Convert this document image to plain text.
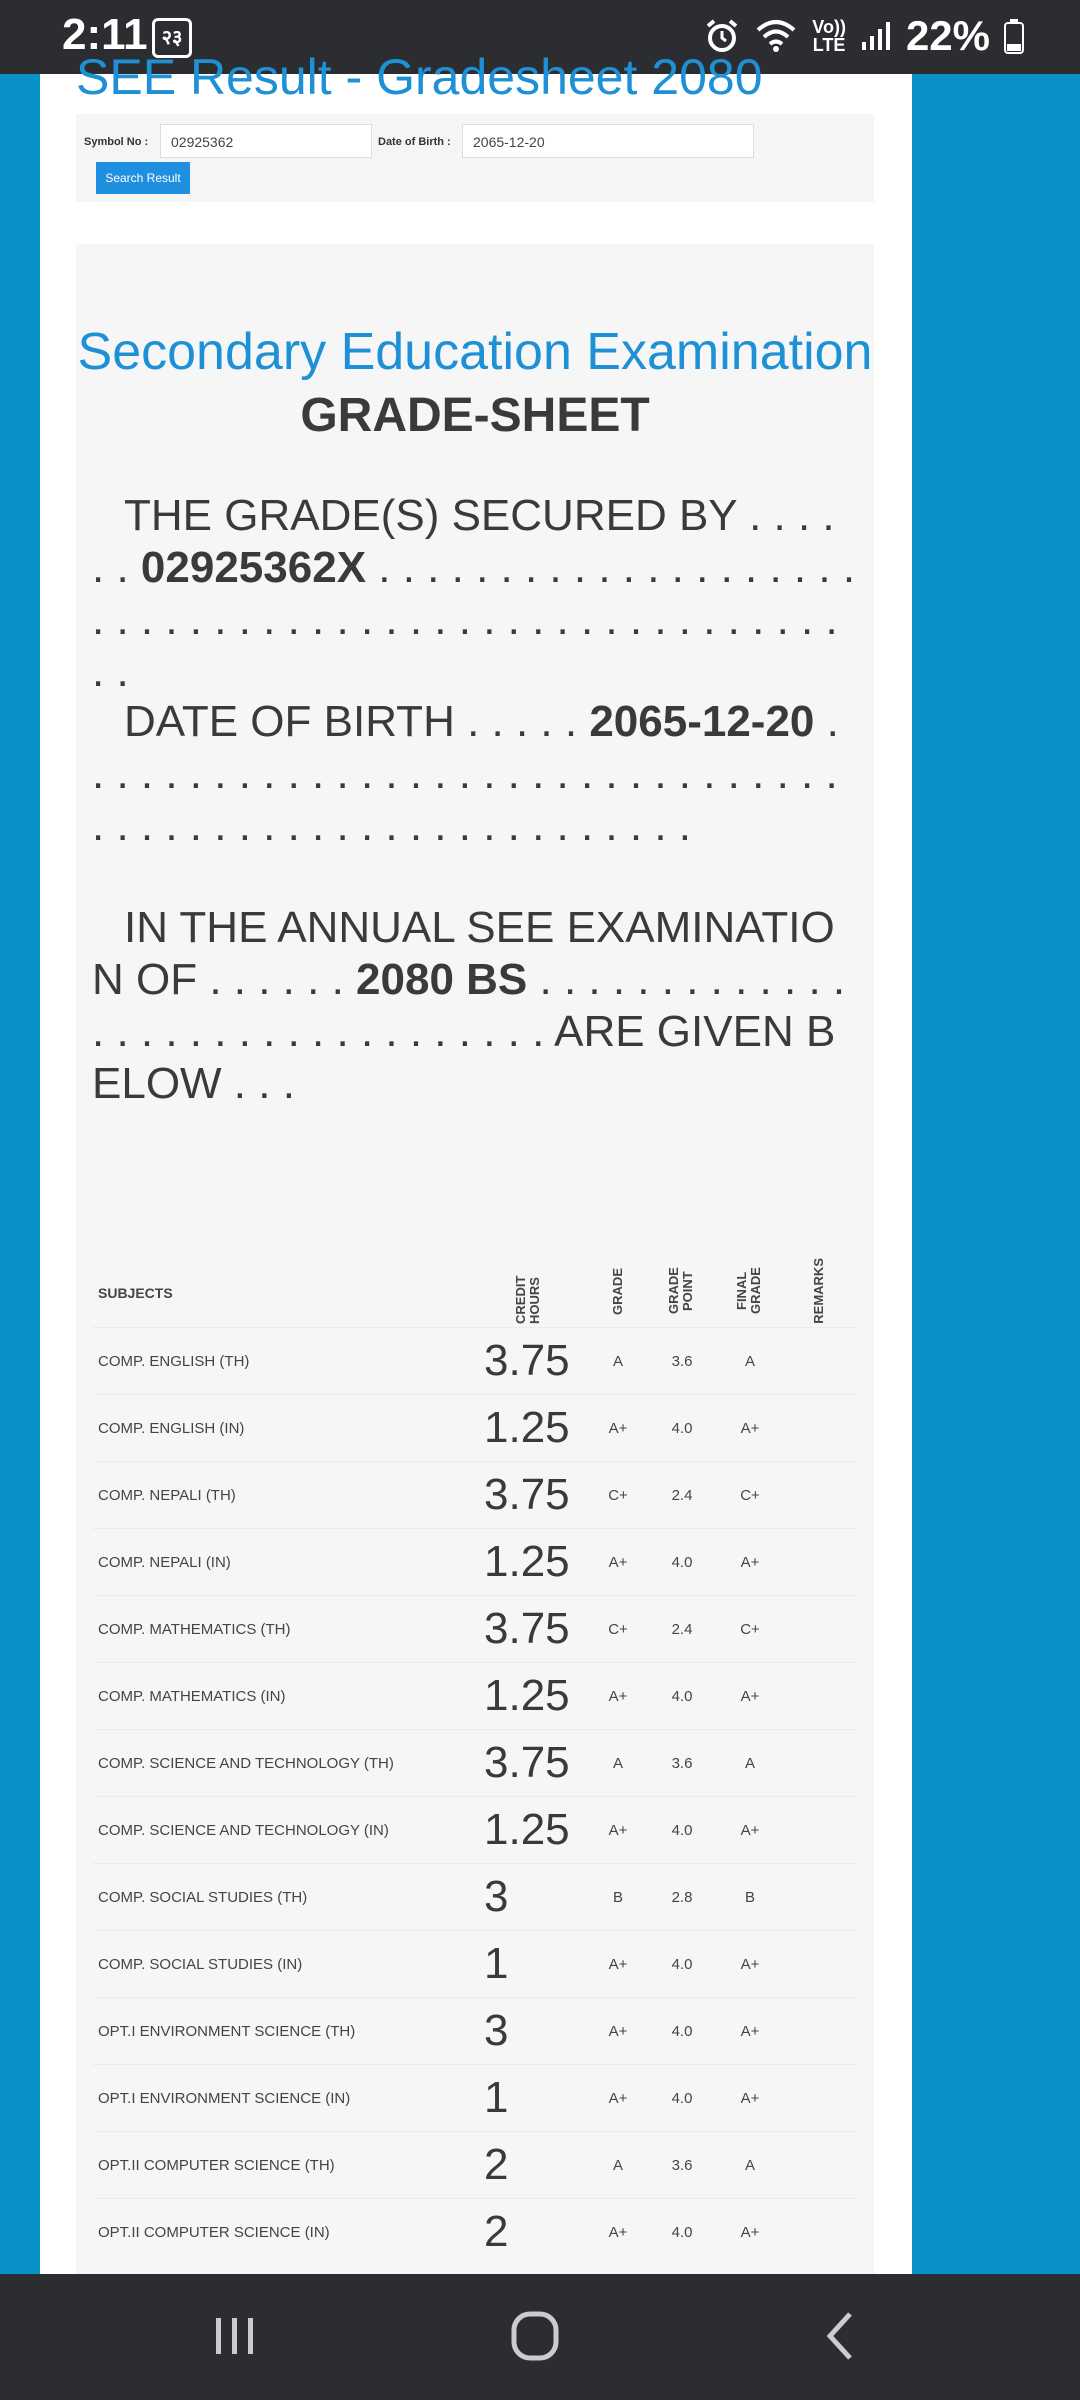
2:11 २३	Vo))
LTE 22%
SEE Result - Gradesheet 2080
Symbol No :	02925362	Date of Birth :	2065-12-20
Search Result
Secondary Education Examination
GRADE-SHEET
THE GRADE(S) SECURED BY . . . . . . 02925362X . . . . . . . . . . . . . . . . . . . . . . . . . . . . . . . . . . . . . . . . . . . . . . . . . . . . .
DATE OF BIRTH . . . . . 2065-12-20 . . . . . . . . . . . . . . . . . . . . . . . . . . . . . . . . . . . . . . . . . . . . . . . . . . . . . . . . .
IN THE ANNUAL SEE EXAMINATION OF . . . . . . 2080 BS . . . . . . . . . . . . . . . . . . . . . . . . . . . . . . . . ARE GIVEN BELOW . . .
SUBJECTS	CREDIT HOURS	GRADE	GRADE POINT	FINAL GRADE	REMARKS
COMP. ENGLISH (TH)	3.75	A	3.6	A	
COMP. ENGLISH (IN)	1.25	A+	4.0	A+	
COMP. NEPALI (TH)	3.75	C+	2.4	C+	
COMP. NEPALI (IN)	1.25	A+	4.0	A+	
COMP. MATHEMATICS (TH)	3.75	C+	2.4	C+	
COMP. MATHEMATICS (IN)	1.25	A+	4.0	A+	
COMP. SCIENCE AND TECHNOLOGY (TH)	3.75	A	3.6	A	
COMP. SCIENCE AND TECHNOLOGY (IN)	1.25	A+	4.0	A+	
COMP. SOCIAL STUDIES (TH)	3	B	2.8	B	
COMP. SOCIAL STUDIES (IN)	1	A+	4.0	A+	
OPT.I ENVIRONMENT SCIENCE (TH)	3	A+	4.0	A+	
OPT.I ENVIRONMENT SCIENCE (IN)	1	A+	4.0	A+	
OPT.II COMPUTER SCIENCE (TH)	2	A	3.6	A	
OPT.II COMPUTER SCIENCE (IN)	2	A+	4.0	A+	
